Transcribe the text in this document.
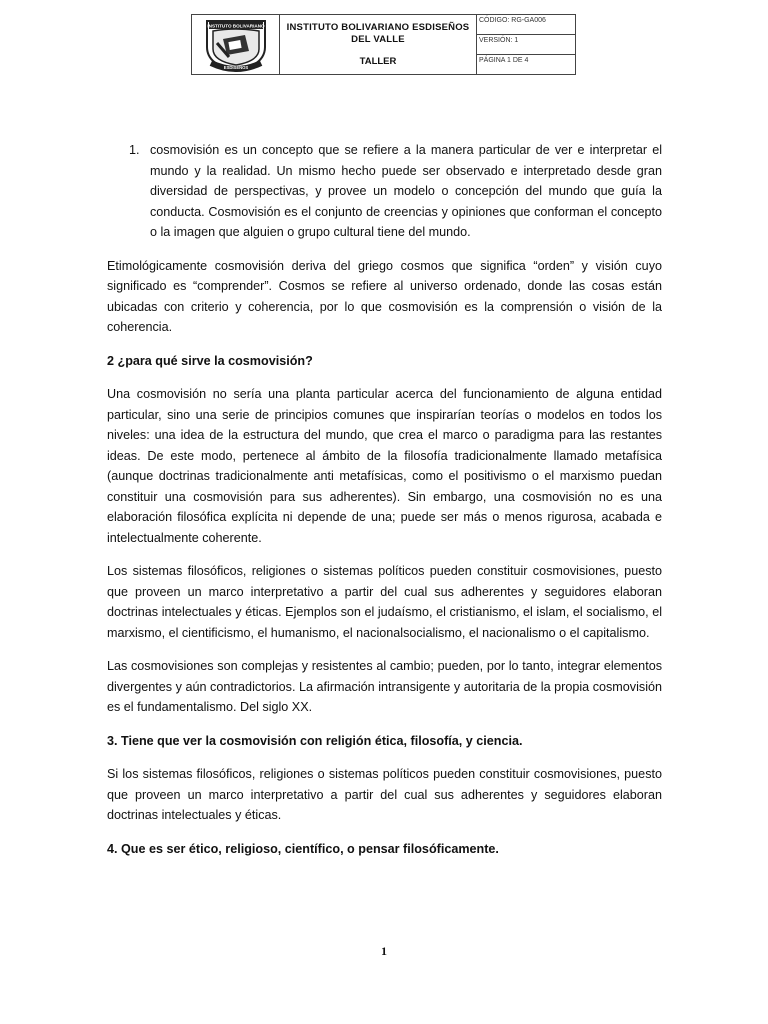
INSTITUTO BOLIVARIANO
ESDISEÑOS
INSTITUTO BOLIVARIANO ESDISEÑOS
DEL VALLE
TALLER
CÓDIGO: RG-GA006
VERSIÓN: 1
PÁGINA 1 DE 4
1. cosmovisión es un concepto que se refiere a la manera particular de ver e interpretar el mundo y la realidad. Un mismo hecho puede ser observado e interpretado desde gran diversidad de perspectivas, y provee un modelo o concepción del mundo que guía la conducta. Cosmovisión es el conjunto de creencias y opiniones que conforman el concepto o la imagen que alguien o grupo cultural tiene del mundo.

Etimológicamente cosmovisión deriva del griego cosmos que significa “orden” y visión cuyo significado es “comprender”. Cosmos se refiere al universo ordenado, donde las cosas están ubicadas con criterio y coherencia, por lo que cosmovisión es la comprensión o visión de la coherencia.

2 ¿para qué sirve la cosmovisión?

Una cosmovisión no sería una planta particular acerca del funcionamiento de alguna entidad particular, sino una serie de principios comunes que inspirarían teorías o modelos en todos los niveles: una idea de la estructura del mundo, que crea el marco o paradigma para las restantes ideas. De este modo, pertenece al ámbito de la filosofía tradicionalmente llamado metafísica (aunque doctrinas tradicionalmente anti metafísicas, como el positivismo o el marxismo puedan constituir una cosmovisión para sus adherentes). Sin embargo, una cosmovisión no es una elaboración filosófica explícita ni depende de una; puede ser más o menos rigurosa, acabada e intelectualmente coherente.

Los sistemas filosóficos, religiones o sistemas políticos pueden constituir cosmovisiones, puesto que proveen un marco interpretativo a partir del cual sus adherentes y seguidores elaboran doctrinas intelectuales y éticas. Ejemplos son el judaísmo, el cristianismo, el islam, el socialismo, el marxismo, el cientificismo, el humanismo, el nacionalsocialismo, el nacionalismo o el capitalismo.

Las cosmovisiones son complejas y resistentes al cambio; pueden, por lo tanto, integrar elementos divergentes y aún contradictorios. La afirmación intransigente y autoritaria de la propia cosmovisión es el fundamentalismo. Del siglo XX.

3. Tiene que ver la cosmovisión con religión ética, filosofía, y ciencia.

Si los sistemas filosóficos, religiones o sistemas políticos pueden constituir cosmovisiones, puesto que proveen un marco interpretativo a partir del cual sus adherentes y seguidores elaboran doctrinas intelectuales y éticas.

4. Que es ser ético, religioso, científico, o pensar filosóficamente.

1
